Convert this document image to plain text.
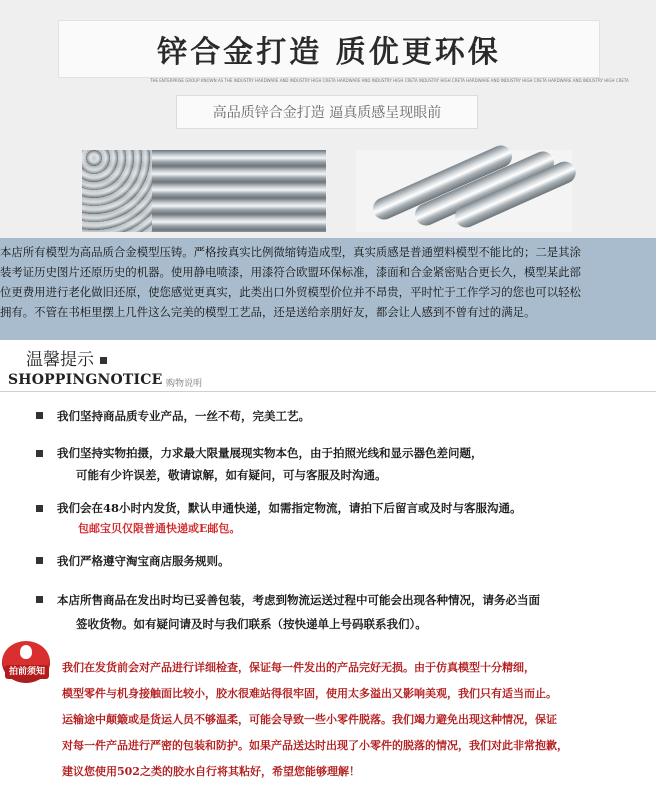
锌合金打造 质优更环保
THE ENTERPRISE GROUP KNOWN AS THE INDUSTRY HARDWARE AND INDUSTRY HIGH CRETA HARDWARE AND INDUSTRY HIGH CRETA INDUSTRY HIGH CRETA HARDWARE AND INDUSTRY HIGH CRETA HARDWARE AND INDUSTRY HIGH CRETA
高品质锌合金打造 逼真质感呈现眼前
本店所有模型为高品质合金模型压铸。严格按真实比例微缩铸造成型，真实质感是普通塑料模型不能比的；二是其涂
装考证历史图片还原历史的机器。使用静电喷漆，用漆符合欧盟环保标准，漆面和合金紧密贴合更长久，模型某此部
位更费用进行老化做旧还原，使您感觉更真实，此类出口外贸模型价位并不昂贵，平时忙于工作学习的您也可以轻松
拥有。不管在书柜里摆上几件这么完美的模型工艺品，还是送给亲朋好友，都会让人感到不曾有过的满足。
温馨提示
SHOPPINGNOTICE 购物说明
我们坚持商品质专业产品，一丝不苟，完美工艺。
我们坚持实物拍摄，力求最大限量展现实物本色，由于拍照光线和显示器色差问题，
可能有少许误差，敬请谅解，如有疑问，可与客服及时沟通。
我们会在48小时内发货，默认申通快递，如需指定物流，请拍下后留言或及时与客服沟通。
包邮宝贝仅限普通快递或E邮包。
我们严格遵守淘宝商店服务规则。
本店所售商品在发出时均已妥善包装，考虑到物流运送过程中可能会出现各种情况，请务必当面
签收货物。如有疑问请及时与我们联系（按快递单上号码联系我们）。
拍前须知	我们在发货前会对产品进行详细检查，保证每一件发出的产品完好无损。由于仿真模型十分精细，
模型零件与机身接触面比较小，胶水很难站得很牢固，使用太多溢出又影响美观，我们只有适当而止。
运输途中颠簸或是货运人员不够温柔，可能会导致一些小零件脱落。我们竭力避免出现这种情况，保证
对每一件产品进行严密的包装和防护。如果产品送达时出现了小零件的脱落的情况，我们对此非常抱歉，
建议您使用502之类的胶水自行将其粘好，希望您能够理解！
